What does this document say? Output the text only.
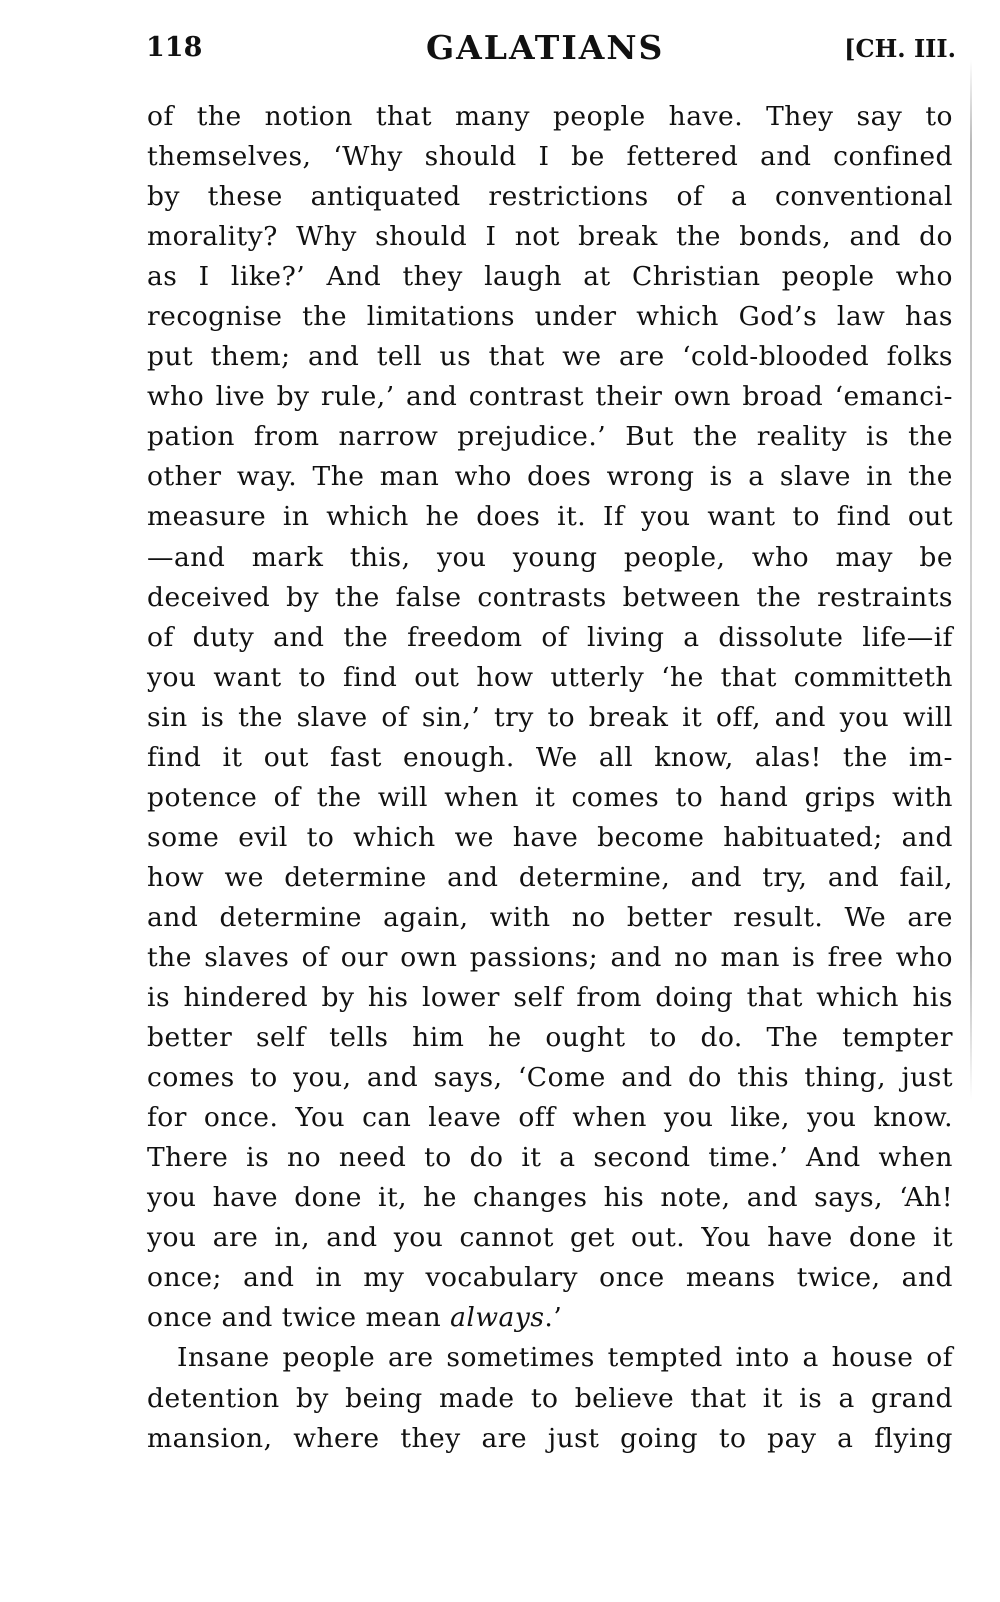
118	GALATIANS	[CH. III.
of the notion that many people have. They say to
themselves, ‘Why should I be fettered and confined
by these antiquated restrictions of a conventional
morality? Why should I not break the bonds, and do
as I like?’ And they laugh at Christian people who
recognise the limitations under which God’s law has
put them; and tell us that we are ‘cold-blooded folks
who live by rule,’ and contrast their own broad ‘emanci-
pation from narrow prejudice.’ But the reality is the
other way. The man who does wrong is a slave in the
measure in which he does it. If you want to find out
—and mark this, you young people, who may be
deceived by the false contrasts between the restraints
of duty and the freedom of living a dissolute life—if
you want to find out how utterly ‘he that committeth
sin is the slave of sin,’ try to break it off, and you will
find it out fast enough. We all know, alas! the im-
potence of the will when it comes to hand grips with
some evil to which we have become habituated; and
how we determine and determine, and try, and fail,
and determine again, with no better result. We are
the slaves of our own passions; and no man is free who
is hindered by his lower self from doing that which his
better self tells him he ought to do. The tempter
comes to you, and says, ‘Come and do this thing, just
for once. You can leave off when you like, you know.
There is no need to do it a second time.’ And when
you have done it, he changes his note, and says, ‘Ah!
you are in, and you cannot get out. You have done it
once; and in my vocabulary once means twice, and
once and twice mean always.’
Insane people are sometimes tempted into a house of
detention by being made to believe that it is a grand
mansion, where they are just going to pay a flying
